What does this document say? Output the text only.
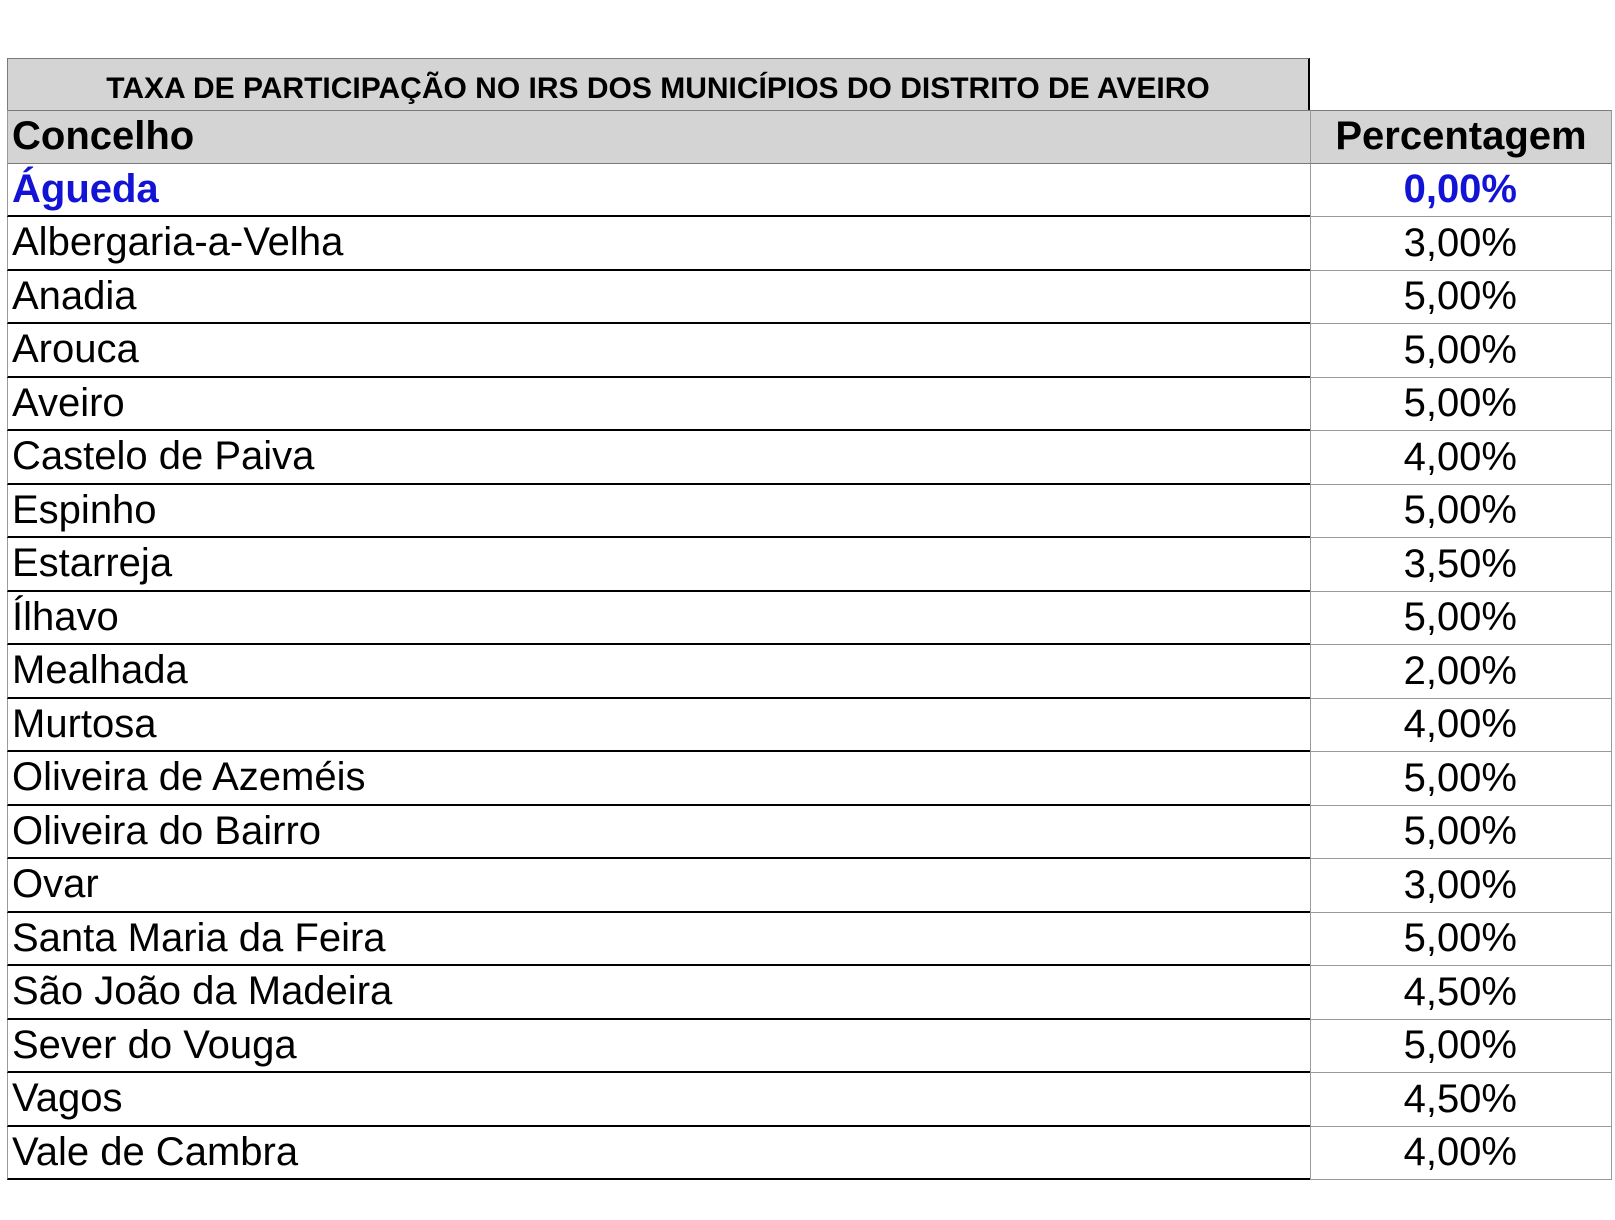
TAXA DE PARTICIPAÇÃO NO IRS DOS MUNICÍPIOS DO DISTRITO DE AVEIRO
Concelho	Percentagem
Águeda	0,00%
Albergaria-a-Velha	3,00%
Anadia	5,00%
Arouca	5,00%
Aveiro	5,00%
Castelo de Paiva	4,00%
Espinho	5,00%
Estarreja	3,50%
Ílhavo	5,00%
Mealhada	2,00%
Murtosa	4,00%
Oliveira de Azeméis	5,00%
Oliveira do Bairro	5,00%
Ovar	3,00%
Santa Maria da Feira	5,00%
São João da Madeira	4,50%
Sever do Vouga	5,00%
Vagos	4,50%
Vale de Cambra	4,00%
